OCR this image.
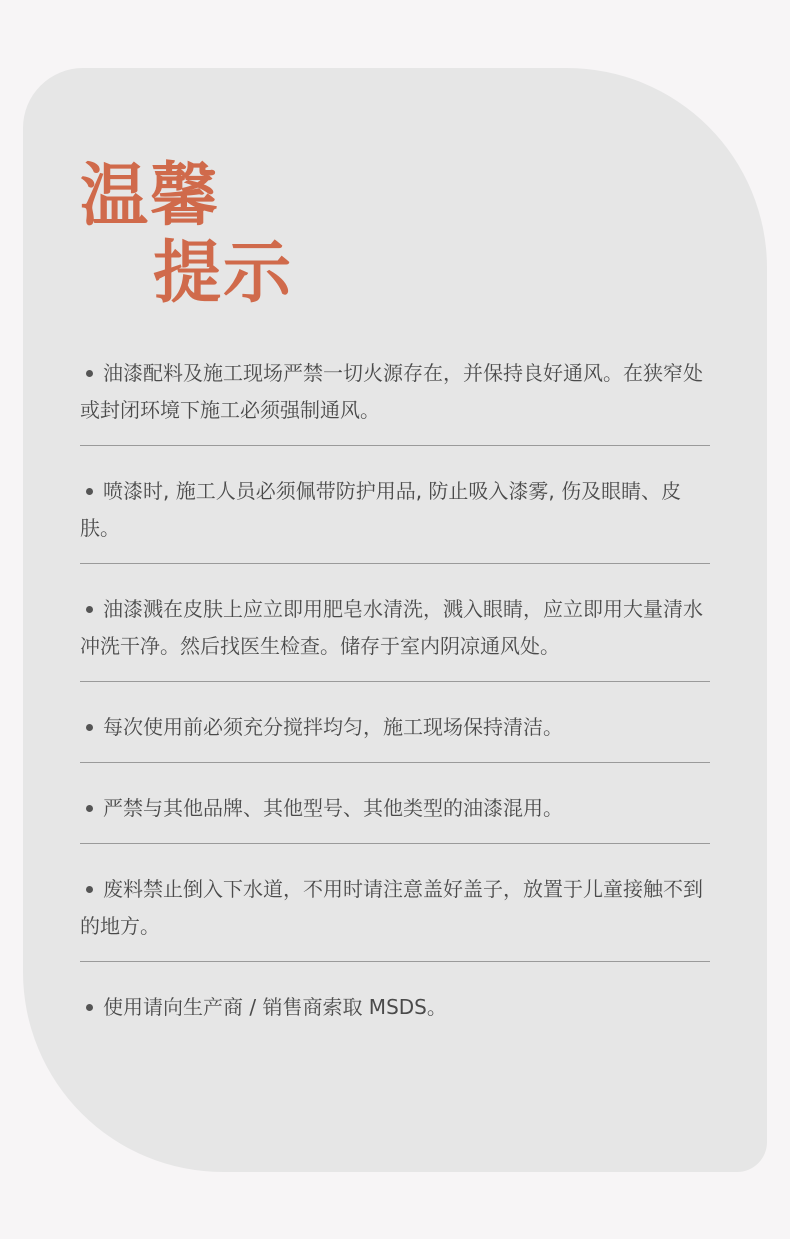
温馨
提示
油漆配料及施工现场严禁一切火源存在，并保持良好通风。在狭窄处或封闭环境下施工必须强制通风。
喷漆时, 施工人员必须佩带防护用品, 防止吸入漆雾, 伤及眼睛、皮肤。
油漆溅在皮肤上应立即用肥皂水清洗，溅入眼睛，应立即用大量清水冲洗干净。然后找医生检查。储存于室内阴凉通风处。
每次使用前必须充分搅拌均匀，施工现场保持清洁。
严禁与其他品牌、其他型号、其他类型的油漆混用。
废料禁止倒入下水道，不用时请注意盖好盖子，放置于儿童接触不到的地方。
使用请向生产商 / 销售商索取 MSDS。
